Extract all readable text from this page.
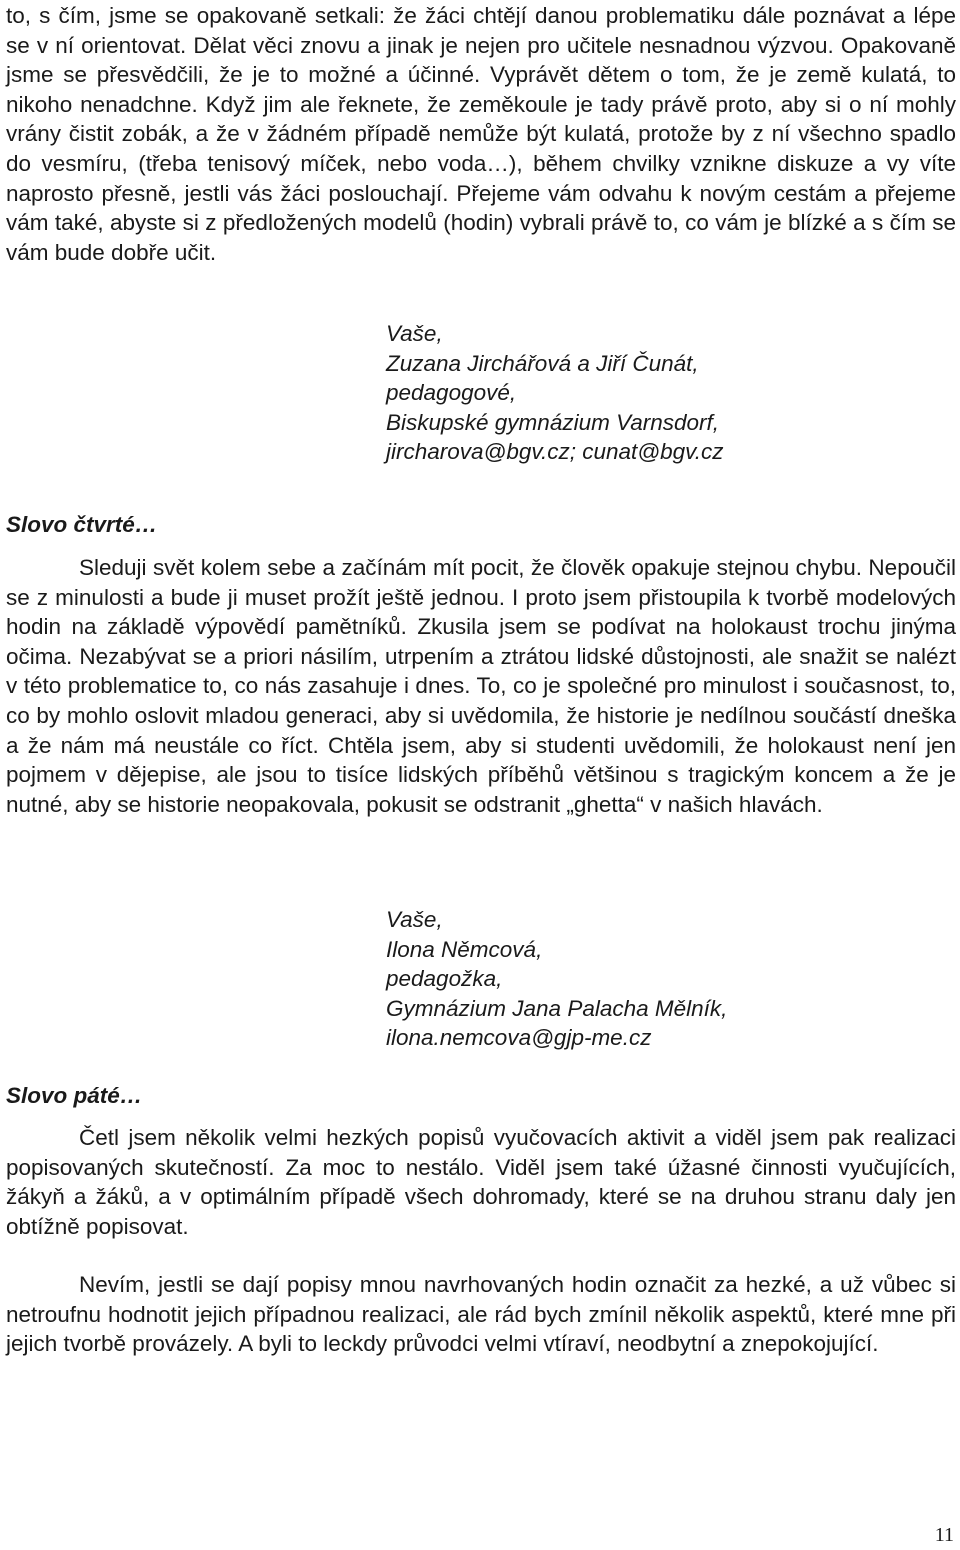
to, s čím, jsme se opakovaně setkali: že žáci chtějí danou problematiku dále poznávat a lépe se v ní orientovat. Dělat věci znovu a jinak je nejen pro učitele nesnadnou výzvou. Opakovaně jsme se přesvědčili, že je to možné a účinné. Vyprávět dětem o tom, že je země kulatá, to nikoho nenadchne. Když jim ale řeknete, že zeměkoule je tady právě proto, aby si o ní mohly vrány čistit zobák, a že v žádném případě nemůže být kulatá, protože by z ní všechno spadlo do vesmíru, (třeba tenisový míček, nebo voda…), během chvilky vznikne diskuze a vy víte naprosto přesně, jestli vás žáci poslouchají. Přejeme vám odvahu k novým cestám a přejeme vám také, abyste si z předložených modelů (hodin) vybrali právě to, co vám je blízké a s čím se vám bude dobře učit.

Vaše,
Zuzana Jirchářová a Jiří Čunát,
pedagogové,
Biskupské gymnázium Varnsdorf,
jircharova@bgv.cz; cunat@bgv.cz
Slovo čtvrté…

Sleduji svět kolem sebe a začínám mít pocit, že člověk opakuje stejnou chybu. Nepoučil se z minulosti a bude ji muset prožít ještě jednou. I proto jsem přistoupila k tvorbě modelových hodin na základě výpovědí pamětníků. Zkusila jsem se podívat na holokaust trochu jinýma očima. Nezabývat se a priori násilím, utrpením a ztrátou lidské důstojnosti, ale snažit se nalézt v této problematice to, co nás zasahuje i dnes. To, co je společné pro minulost i současnost, to, co by mohlo oslovit mladou generaci, aby si uvědomila, že historie je nedílnou součástí dneška a že nám má neustále co říct. Chtěla jsem, aby si studenti uvědomili, že holokaust není jen pojmem v dějepise, ale jsou to tisíce lidských příběhů většinou s tragickým koncem a že je nutné, aby se historie neopakovala, pokusit se odstranit „ghetta“ v našich hlavách.

Vaše,
Ilona Němcová,
pedagožka,
Gymnázium Jana Palacha Mělník,
ilona.nemcova@gjp-me.cz
Slovo páté…

Četl jsem několik velmi hezkých popisů vyučovacích aktivit a viděl jsem pak realizaci popisovaných skutečností. Za moc to nestálo. Viděl jsem také úžasné činnosti vyučujících, žákyň a žáků, a v optimálním případě všech dohromady, které se na druhou stranu daly jen obtížně popisovat.

Nevím, jestli se dají popisy mnou navrhovaných hodin označit za hezké, a už vůbec si netroufnu hodnotit jejich případnou realizaci, ale rád bych zmínil několik aspektů, které mne při jejich tvorbě provázely. A byli to leckdy průvodci velmi vtíraví, neodbytní a znepokojující.

11
